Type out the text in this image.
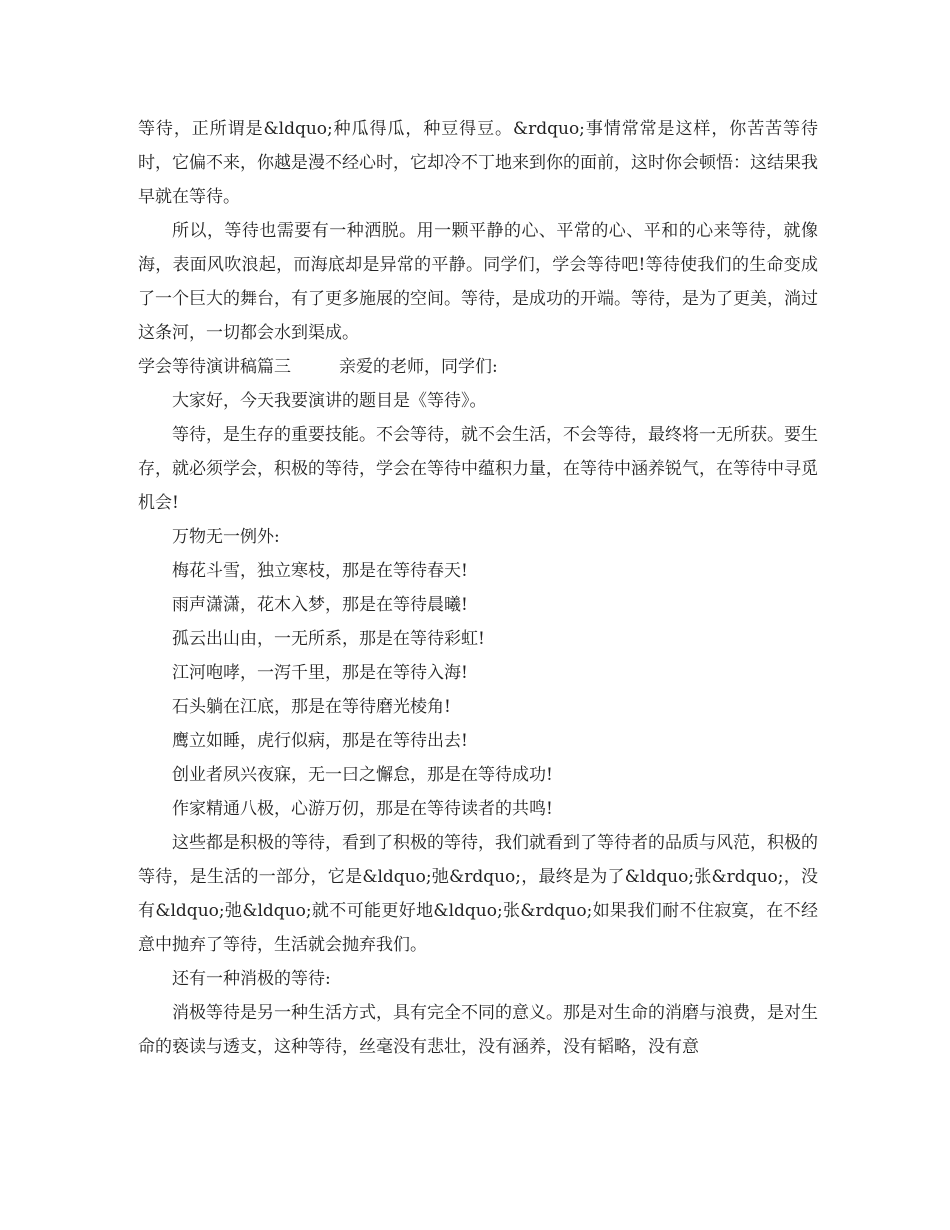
等待，正所谓是&ldquo;种瓜得瓜，种豆得豆。&rdquo;事情常常是这样，你苦苦等待时，它偏不来，你越是漫不经心时，它却冷不丁地来到你的面前，这时你会顿悟：这结果我早就在等待。

所以，等待也需要有一种洒脱。用一颗平静的心、平常的心、平和的心来等待，就像海，表面风吹浪起，而海底却是异常的平静。同学们，学会等待吧!等待使我们的生命变成了一个巨大的舞台，有了更多施展的空间。等待，是成功的开端。等待，是为了更美，淌过这条河，一切都会水到渠成。

学会等待演讲稿篇三	亲爱的老师，同学们:

大家好，今天我要演讲的题目是《等待》。

等待，是生存的重要技能。不会等待，就不会生活，不会等待，最终将一无所获。要生存，就必须学会，积极的等待，学会在等待中蕴积力量，在等待中涵养锐气，在等待中寻觅机会!

万物无一例外:

梅花斗雪，独立寒枝，那是在等待春天!

雨声潇潇，花木入梦，那是在等待晨曦!

孤云出山由，一无所系，那是在等待彩虹!

江河咆哮，一泻千里，那是在等待入海!

石头躺在江底，那是在等待磨光棱角!

鹰立如睡，虎行似病，那是在等待出去!

创业者夙兴夜寐，无一曰之懈怠，那是在等待成功!

作家精通八极，心游万仞，那是在等待读者的共鸣!

这些都是积极的等待，看到了积极的等待，我们就看到了等待者的品质与风范，积极的等待，是生活的一部分，它是&ldquo;弛&rdquo;，最终是为了&ldquo;张&rdquo;，没有&ldquo;弛&ldquo;就不可能更好地&ldquo;张&rdquo;如果我们耐不住寂寞，在不经意中抛弃了等待，生活就会抛弃我们。

还有一种消极的等待:

消极等待是另一种生活方式，具有完全不同的意义。那是对生命的消磨与浪费，是对生命的亵读与透支，这种等待，丝毫没有悲壮，没有涵养，没有韬略，没有意
